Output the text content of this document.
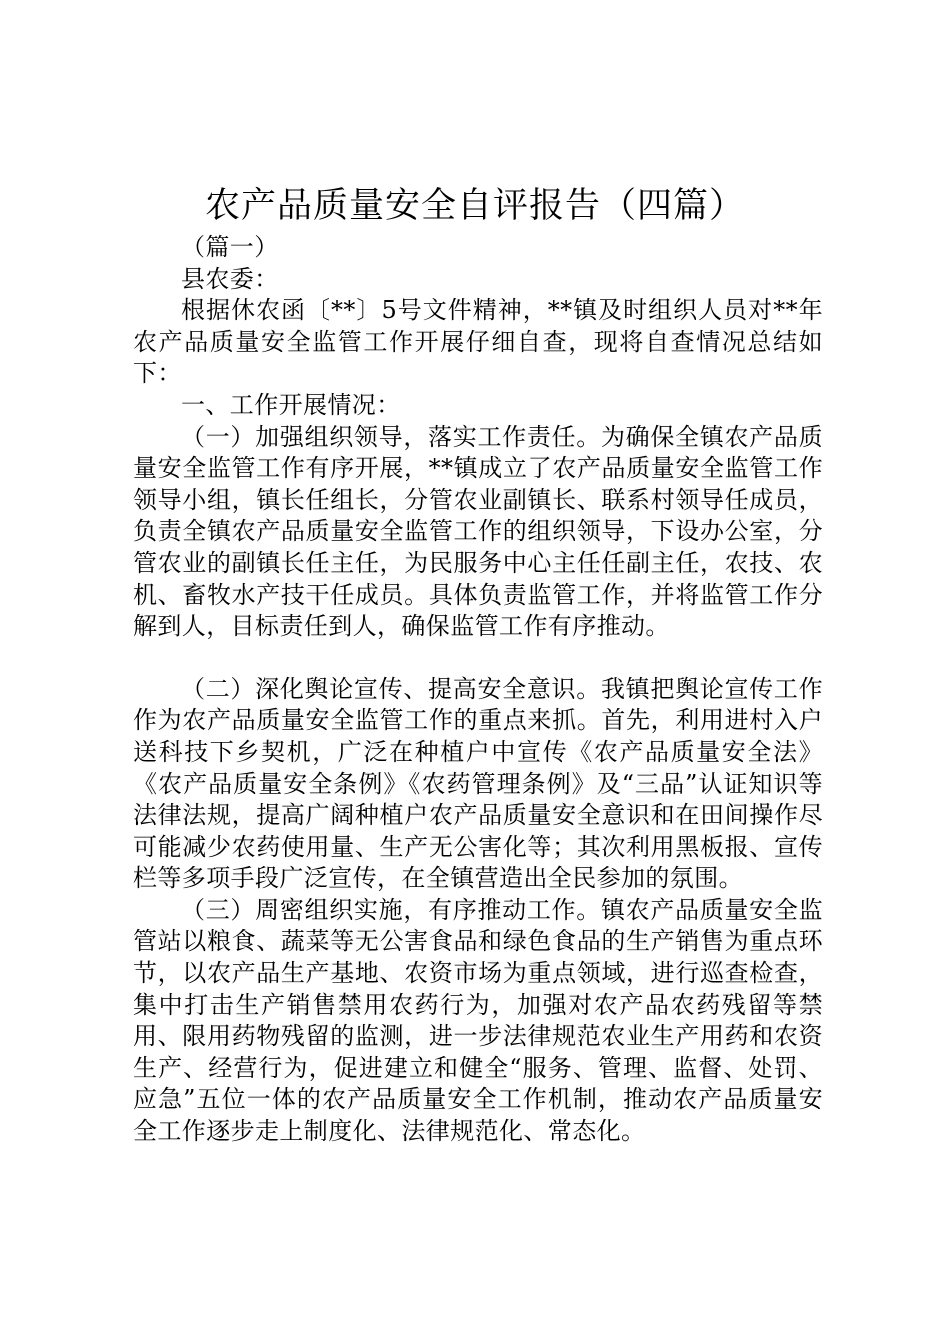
农产品质量安全自评报告（四篇）

（篇一）

县农委：

根据休农函〔**〕5号文件精神，**镇及时组织人员对**年农产品质量安全监管工作开展仔细自查，现将自查情况总结如下：

一、工作开展情况：

（一）加强组织领导，落实工作责任。为确保全镇农产品质量安全监管工作有序开展，**镇成立了农产品质量安全监管工作领导小组，镇长任组长，分管农业副镇长、联系村领导任成员，负责全镇农产品质量安全监管工作的组织领导，下设办公室，分管农业的副镇长任主任，为民服务中心主任任副主任，农技、农机、畜牧水产技干任成员。具体负责监管工作，并将监管工作分解到人，目标责任到人，确保监管工作有序推动。

（二）深化舆论宣传、提高安全意识。我镇把舆论宣传工作作为农产品质量安全监管工作的重点来抓。首先，利用进村入户送科技下乡契机，广泛在种植户中宣传《农产品质量安全法》《农产品质量安全条例》《农药管理条例》及“三品”认证知识等法律法规，提高广阔种植户农产品质量安全意识和在田间操作尽可能减少农药使用量、生产无公害化等；其次利用黑板报、宣传栏等多项手段广泛宣传，在全镇营造出全民参加的氛围。

（三）周密组织实施，有序推动工作。镇农产品质量安全监管站以粮食、蔬菜等无公害食品和绿色食品的生产销售为重点环节，以农产品生产基地、农资市场为重点领域，进行巡查检查，集中打击生产销售禁用农药行为，加强对农产品农药残留等禁用、限用药物残留的监测，进一步法律规范农业生产用药和农资生产、经营行为，促进建立和健全“服务、管理、监督、处罚、应急”五位一体的农产品质量安全工作机制，推动农产品质量安全工作逐步走上制度化、法律规范化、常态化。
